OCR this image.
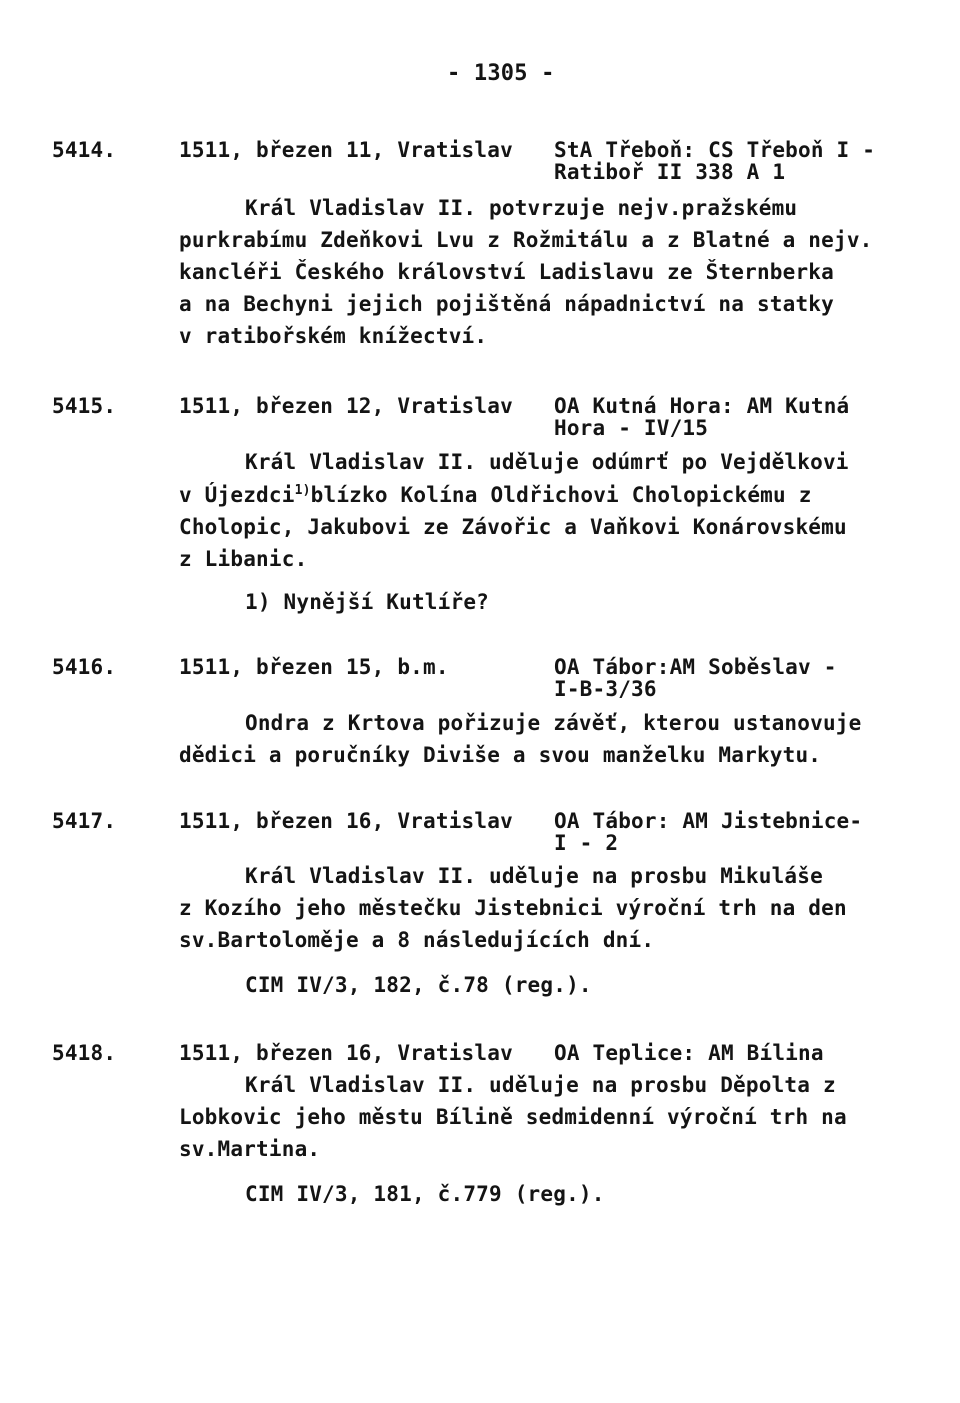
- 1305 -
5414.	1511, březen 11, Vratislav StA Třeboň: CS Třeboň I -
Ratiboř II 338 A 1
Král Vladislav II. potvrzuje nejv.pražskému
purkrabímu Zdeňkovi Lvu z Rožmitálu a z Blatné a nejv.
kancléři Českého království Ladislavu ze Šternberka
a na Bechyni jejich pojištěná nápadnictví na statky
v ratibořském knížectví.
5415.	1511, březen 12, Vratislav OA Kutná Hora: AM Kutná
Hora - IV/15
Král Vladislav II. uděluje odúmrť po Vejdělkovi
v Újezdci$^{1)}$blízko Kolína Oldřichovi Cholopickému z
Cholopic, Jakubovi ze Závořic a Vaňkovi Konárovskému
z Libanic.
1) Nynější Kutlíře?
5416.	1511, březen 15, b.m.	OA Tábor:AM Soběslav -
I-B-3/36
Ondra z Krtova pořizuje závěť, kterou ustanovuje
dědici a poručníky Diviše a svou manželku Markytu.
5417.	1511, březen 16, Vratislav OA Tábor: AM Jistebnice-
I - 2
Král Vladislav II. uděluje na prosbu Mikuláše
z Kozího jeho městečku Jistebnici výroční trh na den
sv.Bartoloměje a 8 následujících dní.
CIM IV/3, 182, č.78 (reg.).
5418.	1511, březen 16, Vratislav OA Teplice: AM Bílina
Král Vladislav II. uděluje na prosbu Děpolta z
Lobkovic jeho městu Bílině sedmidenní výroční trh na
sv.Martina.
CIM IV/3, 181, č.779 (reg.).
